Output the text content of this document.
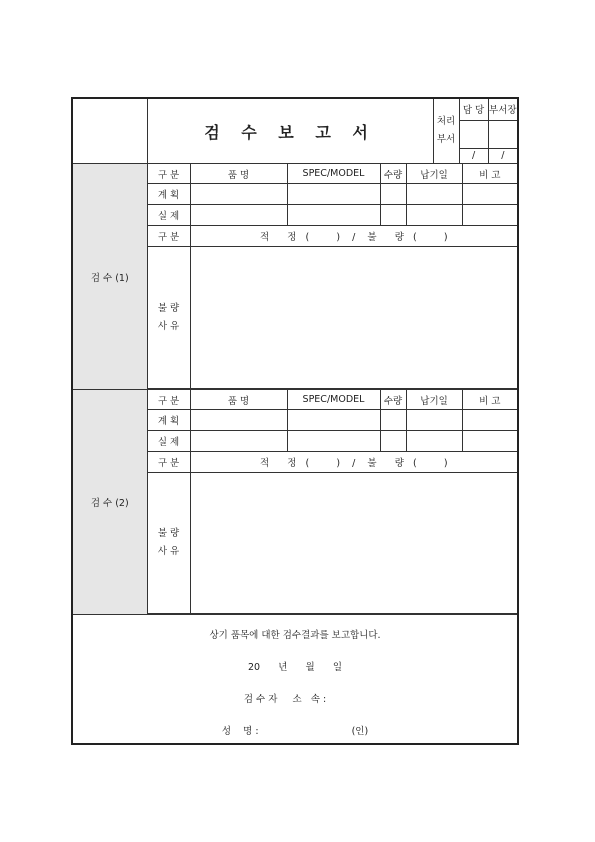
	검 수 보 고 서	
처리
부서	담 당	부서장

/	/

검 수 (1)	구 분	품 명	SPEC/MODEL	수량	납기일	비 고
계 획					
실 제					
구 분	적      정   (         )    /    불      량   (         )

불 량
사 유

검 수 (2)	구 분	품 명	SPEC/MODEL	수량	납기일	비 고
계 획					
실 제					
구 분	적      정   (         )    /    불      량   (         )

불 량
사 유

상기 품목에 대한 검수결과를 보고합니다.
20      년      월      일
검 수 자     소   속 :
성    명 :	(인)
